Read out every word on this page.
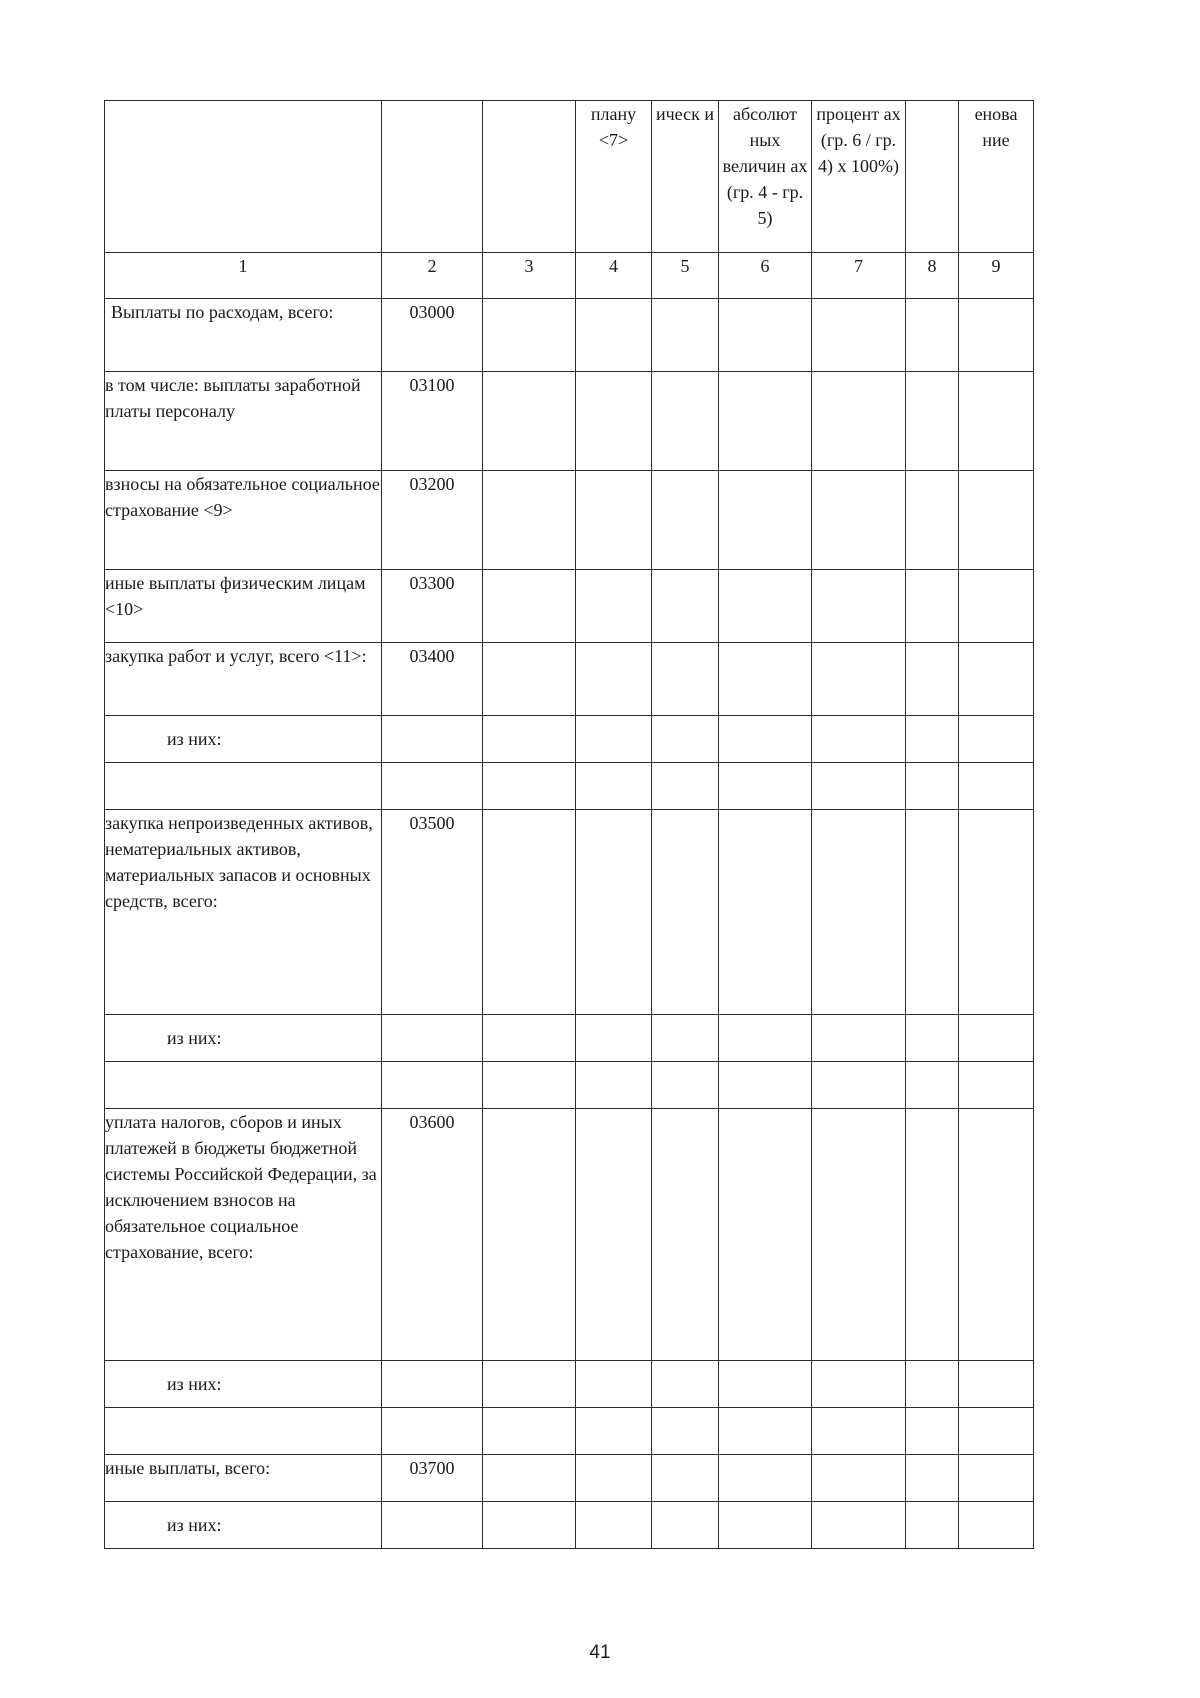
			плану <7>	ическ и	абсолют ных величин ах (гр. 4 - гр. 5)	процент ах (гр. 6 / гр. 4) x 100%)		енова ние
1	2	3	4	5	6	7	8	9
Выплаты по расходам, всего:	03000							
в том числе: выплаты заработной платы персоналу	03100							
взносы на обязательное социальное страхование <9>	03200							
иные выплаты физическим лицам <10>	03300							
закупка работ и услуг, всего <11>:	03400							
из них:								

закупка непроизведенных активов, нематериальных активов, материальных запасов и основных средств, всего:	03500							
из них:								

уплата налогов, сборов и иных платежей в бюджеты бюджетной системы Российской Федерации, за исключением взносов на обязательное социальное страхование, всего:	03600							
из них:								

иные выплаты, всего:	03700							
из них:								
41
